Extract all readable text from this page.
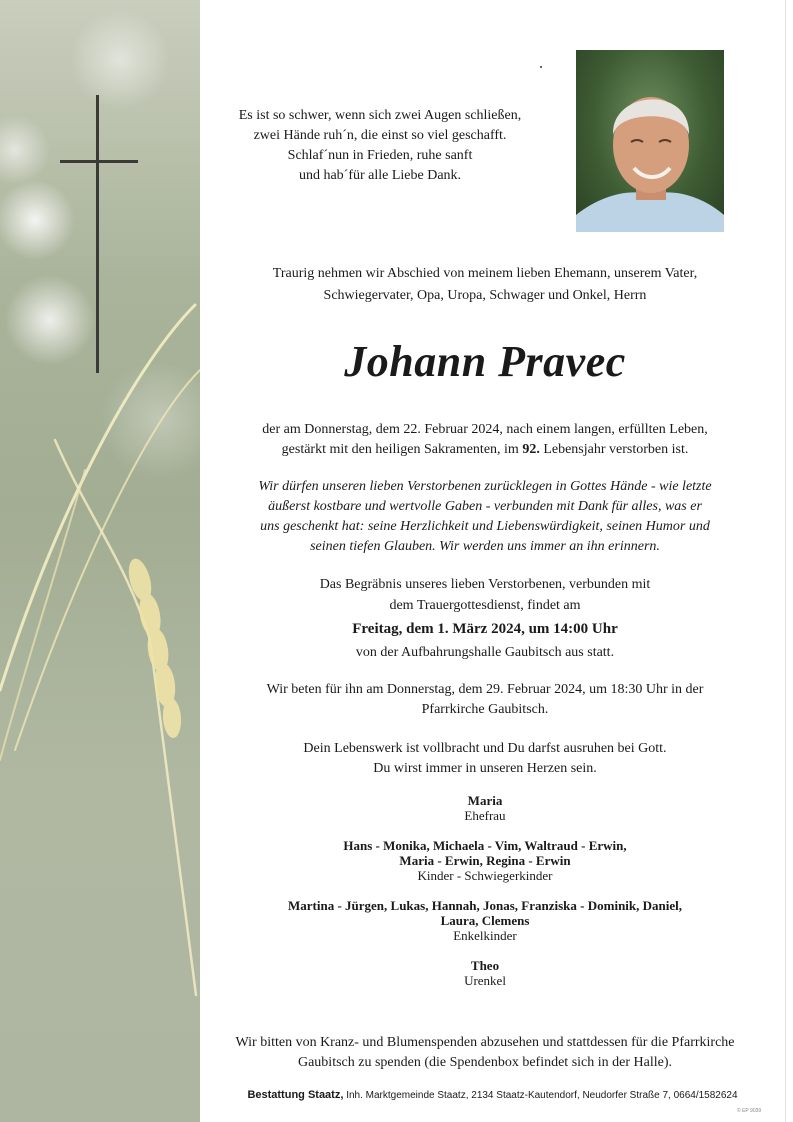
Es ist so schwer, wenn sich zwei Augen schließen,
zwei Hände ruh´n, die einst so viel geschafft.
Schlaf´nun in Frieden, ruhe sanft
und hab´für alle Liebe Dank.
Traurig nehmen wir Abschied von meinem lieben Ehemann, unserem Vater,
Schwiegervater, Opa, Uropa, Schwager und Onkel, Herrn
Johann Pravec
der am Donnerstag, dem 22. Februar 2024, nach einem langen, erfüllten Leben,
gestärkt mit den heiligen Sakramenten, im 92. Lebensjahr verstorben ist.
Wir dürfen unseren lieben Verstorbenen zurücklegen in Gottes Hände - wie letzte
äußerst kostbare und wertvolle Gaben - verbunden mit Dank für alles, was er
uns geschenkt hat: seine Herzlichkeit und Liebenswürdigkeit, seinen Humor und
seinen tiefen Glauben. Wir werden uns immer an ihn erinnern.
Das Begräbnis unseres lieben Verstorbenen, verbunden mit
dem Trauergottesdienst, findet am
Freitag, dem 1. März 2024, um 14:00 Uhr
von der Aufbahrungshalle Gaubitsch aus statt.
Wir beten für ihn am Donnerstag, dem 29. Februar 2024, um 18:30 Uhr in der
Pfarrkirche Gaubitsch.
Dein Lebenswerk ist vollbracht und Du darfst ausruhen bei Gott.
Du wirst immer in unseren Herzen sein.
Maria
Ehefrau
Hans - Monika, Michaela - Vim, Waltraud - Erwin,
Maria - Erwin, Regina - Erwin
Kinder - Schwiegerkinder
Martina - Jürgen, Lukas, Hannah, Jonas, Franziska - Dominik, Daniel,
Laura, Clemens
Enkelkinder
Theo
Urenkel
Wir bitten von Kranz- und Blumenspenden abzusehen und stattdessen für die Pfarrkirche
Gaubitsch zu spenden (die Spendenbox befindet sich in der Halle).
Bestattung Staatz, Inh. Marktgemeinde Staatz, 2134 Staatz-Kautendorf, Neudorfer Straße 7, 0664/1582624
© EP 9039
